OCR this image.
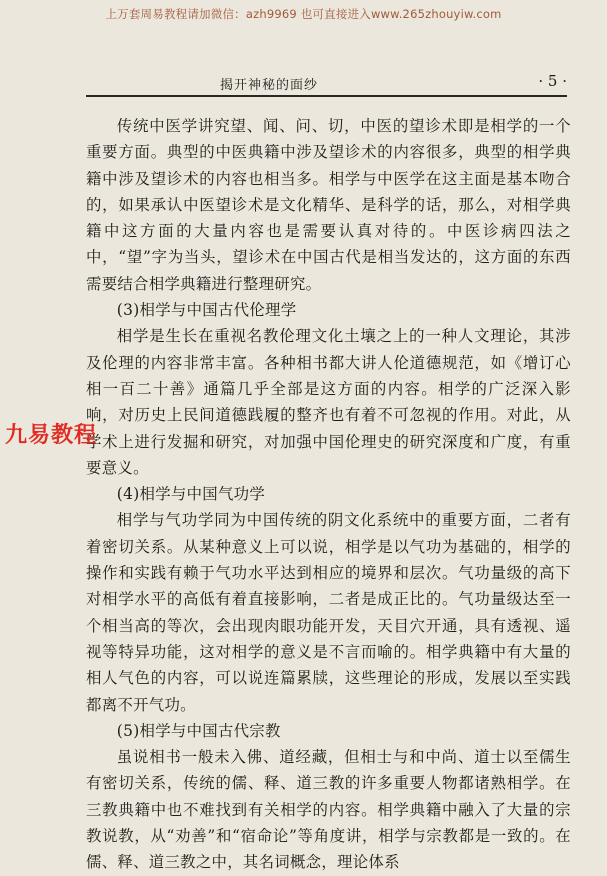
上万套周易教程请加微信：azh9969 也可直接进入www.265zhouyiw.com
揭开神秘的面纱	· 5 ·

传统中医学讲究望、闻、问、切，中医的望诊术即是相学的一个重要方面。典型的中医典籍中涉及望诊术的内容很多，典型的相学典籍中涉及望诊术的内容也相当多。相学与中医学在这主面是基本吻合的，如果承认中医望诊术是文化精华、是科学的话，那么，对相学典籍中这方面的大量内容也是需要认真对待的。中医诊病四法之中，“望”字为当头，望诊术在中国古代是相当发达的，这方面的东西需要结合相学典籍进行整理研究。

(3)相学与中国古代伦理学

相学是生长在重视名教伦理文化土壤之上的一种人文理论，其涉及伦理的内容非常丰富。各种相书都大讲人伦道德规范，如《增订心相一百二十善》通篇几乎全部是这方面的内容。相学的广泛深入影响，对历史上民间道德践履的整齐也有着不可忽视的作用。对此，从学术上进行发掘和研究，对加强中国伦理史的研究深度和广度，有重要意义。

(4)相学与中国气功学

相学与气功学同为中国传统的阴文化系统中的重要方面，二者有着密切关系。从某种意义上可以说，相学是以气功为基础的，相学的操作和实践有赖于气功水平达到相应的境界和层次。气功量级的高下对相学水平的高低有着直接影响，二者是成正比的。气功量级达至一个相当高的等次，会出现肉眼功能开发，天目穴开通，具有透视、遥视等特异功能，这对相学的意义是不言而喻的。相学典籍中有大量的相人气色的内容，可以说连篇累牍，这些理论的形成，发展以至实践都离不开气功。

(5)相学与中国古代宗教

虽说相书一般未入佛、道经藏，但相士与和中尚、道士以至儒生有密切关系，传统的儒、释、道三教的许多重要人物都诸熟相学。在三教典籍中也不难找到有关相学的内容。相学典籍中融入了大量的宗教说教，从“劝善”和“宿命论”等角度讲，相学与宗教都是一致的。在儒、释、道三教之中，其名词概念，理论体系

九易教程
